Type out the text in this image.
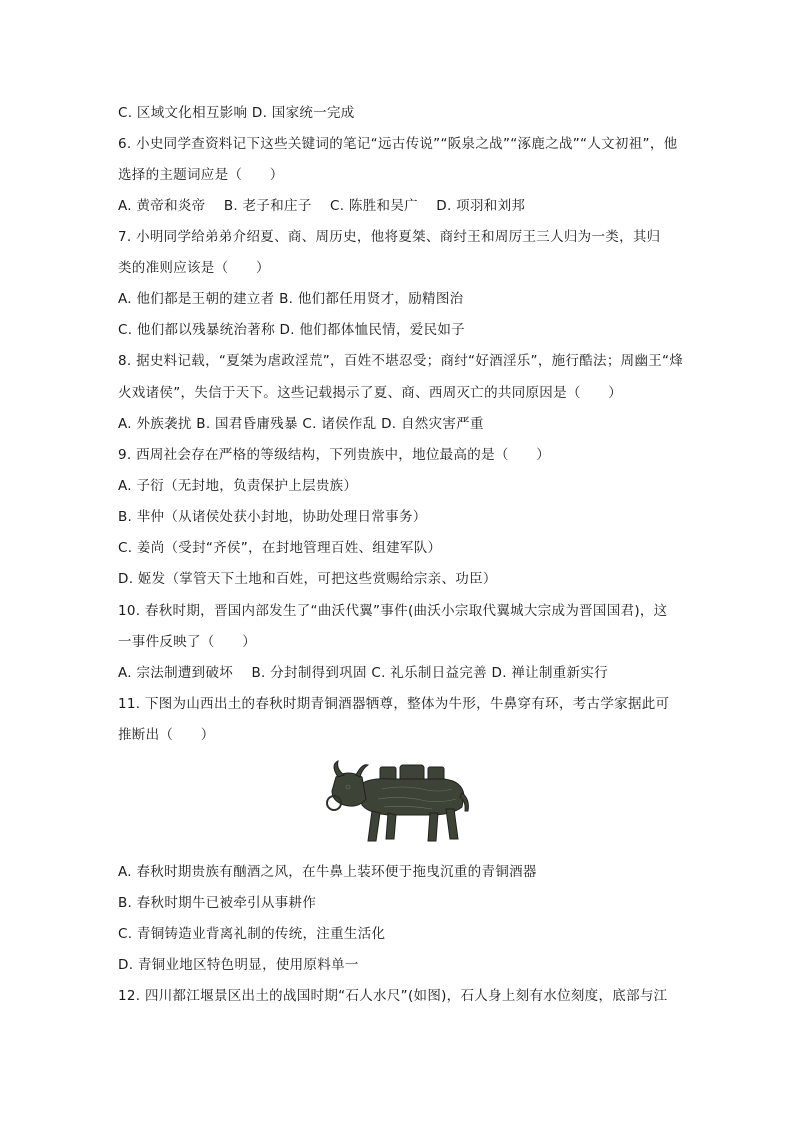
C. 区域文化相互影响 D. 国家统一完成
6. 小史同学查资料记下这些关键词的笔记“远古传说”“阪泉之战”“涿鹿之战”“人文初祖”，他
选择的主题词应是（　　）
A. 黄帝和炎帝　 B. 老子和庄子　 C. 陈胜和吴广　 D. 项羽和刘邦
7. 小明同学给弟弟介绍夏、商、周历史，他将夏桀、商纣王和周厉王三人归为一类，其归
类的准则应该是（　　）
A. 他们都是王朝的建立者 B. 他们都任用贤才，励精图治
C. 他们都以残暴统治著称 D. 他们都体恤民情，爱民如子
8. 据史料记载，“夏桀为虐政淫荒”，百姓不堪忍受；商纣“好酒淫乐”，施行酷法；周幽王“烽
火戏诸侯”，失信于天下。这些记载揭示了夏、商、西周灭亡的共同原因是（　　）
A. 外族袭扰 B. 国君昏庸残暴 C. 诸侯作乱 D. 自然灾害严重
9. 西周社会存在严格的等级结构，下列贵族中，地位最高的是（　　）
A. 子衍（无封地，负责保护上层贵族）
B. 芈仲（从诸侯处获小封地，协助处理日常事务）
C. 姜尚（受封“齐侯”，在封地管理百姓、组建军队）
D. 姬发（掌管天下土地和百姓，可把这些赏赐给宗亲、功臣）
10. 春秋时期，晋国内部发生了“曲沃代翼”事件(曲沃小宗取代翼城大宗成为晋国国君)，这
一事件反映了（　　）
A. 宗法制遭到破坏　 B. 分封制得到巩固 C. 礼乐制日益完善 D. 禅让制重新实行
11. 下图为山西出土的春秋时期青铜酒器牺尊，整体为牛形，牛鼻穿有环，考古学家据此可
推断出（　　）
A. 春秋时期贵族有酗酒之风，在牛鼻上装环便于拖曳沉重的青铜酒器
B. 春秋时期牛已被牵引从事耕作
C. 青铜铸造业背离礼制的传统，注重生活化
D. 青铜业地区特色明显，使用原料单一
12. 四川都江堰景区出土的战国时期“石人水尺”(如图)，石人身上刻有水位刻度，底部与江
